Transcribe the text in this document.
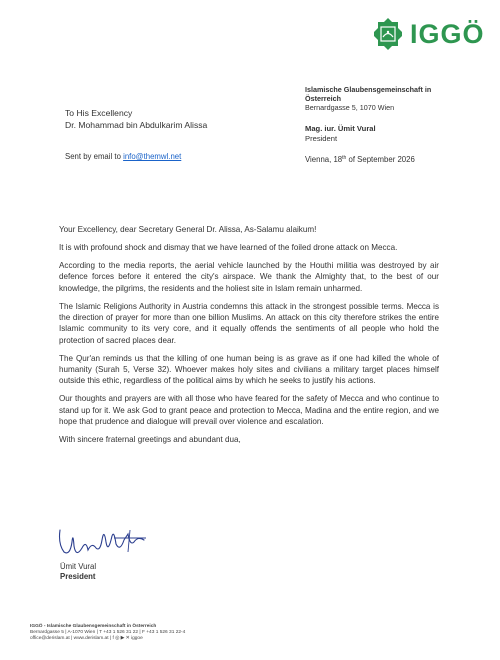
IGGÖ
Islamische Glaubensgemeinschaft in
Österreich
Bernardgasse 5, 1070 Wien
Mag. iur. Ümit Vural
President
To His Excellency
Dr. Mohammad bin Abdulkarim Alissa
Sent by email to info@themwl.net	Vienna, 18th of September 2026

Your Excellency, dear Secretary General Dr. Alissa, As-Salamu alaikum!

It is with profound shock and dismay that we have learned of the foiled drone attack on Mecca.

According to the media reports, the aerial vehicle launched by the Houthi militia was destroyed by air defence forces before it entered the city's airspace. We thank the Almighty that, to the best of our knowledge, the pilgrims, the residents and the holiest site in Islam remain unharmed.

The Islamic Religions Authority in Austria condemns this attack in the strongest possible terms. Mecca is the direction of prayer for more than one billion Muslims. An attack on this city therefore strikes the entire Islamic community to its very core, and it equally offends the sentiments of all people who hold the protection of sacred places dear.

The Qur'an reminds us that the killing of one human being is as grave as if one had killed the whole of humanity (Surah 5, Verse 32). Whoever makes holy sites and civilians a military target places himself outside this ethic, regardless of the political aims by which he seeks to justify his actions.

Our thoughts and prayers are with all those who have feared for the safety of Mecca and who continue to stand up for it. We ask God to grant peace and protection to Mecca, Madina and the entire region, and we hope that prudence and dialogue will prevail over violence and escalation.

With sincere fraternal greetings and abundant dua,

Ümit Vural
President
IGGÖ - Islamische Glaubensgemeinschaft in Österreich
Bernardgasse 5 | A-1070 Wien | T +43 1 526 31 22 | F +43 1 526 31 22-4
office@derislam.at | www.derislam.at | f ◎ ▶ ✕ iggoe
